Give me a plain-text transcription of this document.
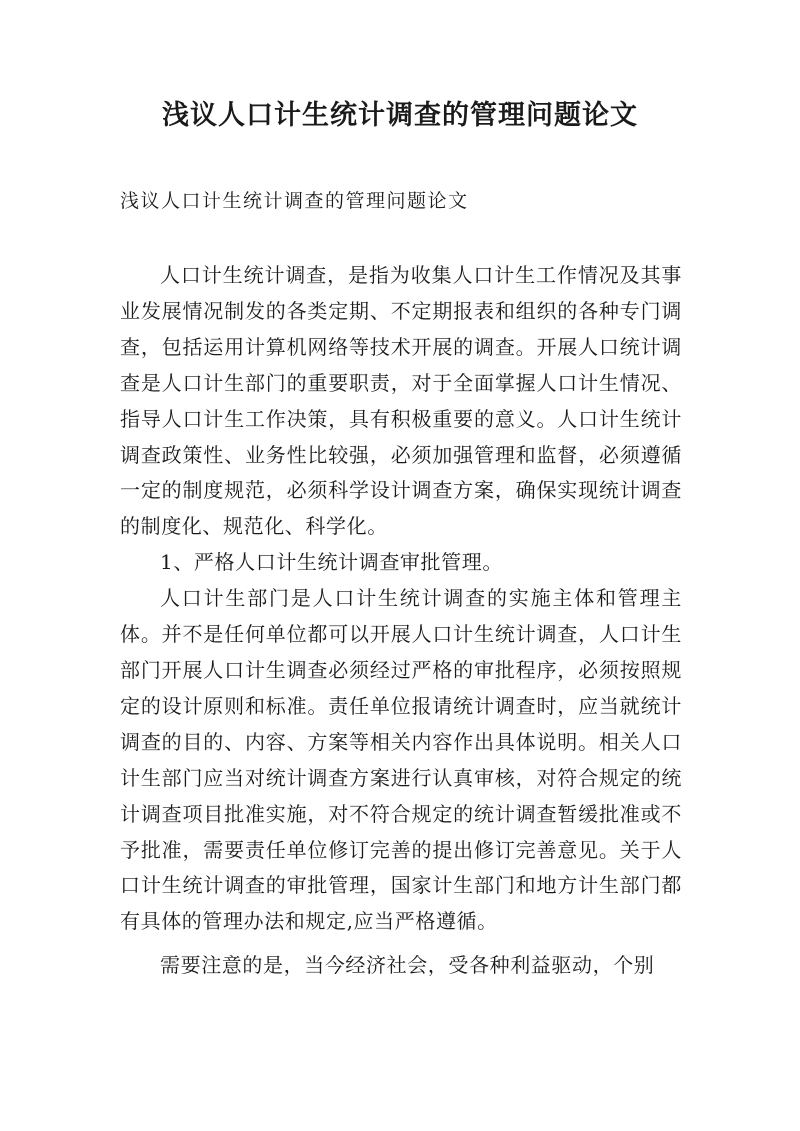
浅议人口计生统计调查的管理问题论文

浅议人口计生统计调查的管理问题论文

人口计生统计调查，是指为收集人口计生工作情况及其事业发展情况制发的各类定期、不定期报表和组织的各种专门调查，包括运用计算机网络等技术开展的调查。开展人口统计调查是人口计生部门的重要职责，对于全面掌握人口计生情况、指导人口计生工作决策，具有积极重要的意义。人口计生统计调查政策性、业务性比较强，必须加强管理和监督，必须遵循一定的制度规范，必须科学设计调查方案，确保实现统计调查的制度化、规范化、科学化。

1、严格人口计生统计调查审批管理。

人口计生部门是人口计生统计调查的实施主体和管理主体。并不是任何单位都可以开展人口计生统计调查，人口计生部门开展人口计生调查必须经过严格的审批程序，必须按照规定的设计原则和标准。责任单位报请统计调查时，应当就统计调查的目的、内容、方案等相关内容作出具体说明。相关人口计生部门应当对统计调查方案进行认真审核，对符合规定的统计调查项目批准实施，对不符合规定的统计调查暂缓批准或不予批准，需要责任单位修订完善的提出修订完善意见。关于人口计生统计调查的审批管理，国家计生部门和地方计生部门都有具体的管理办法和规定,应当严格遵循。

需要注意的是，当今经济社会，受各种利益驱动，个别
